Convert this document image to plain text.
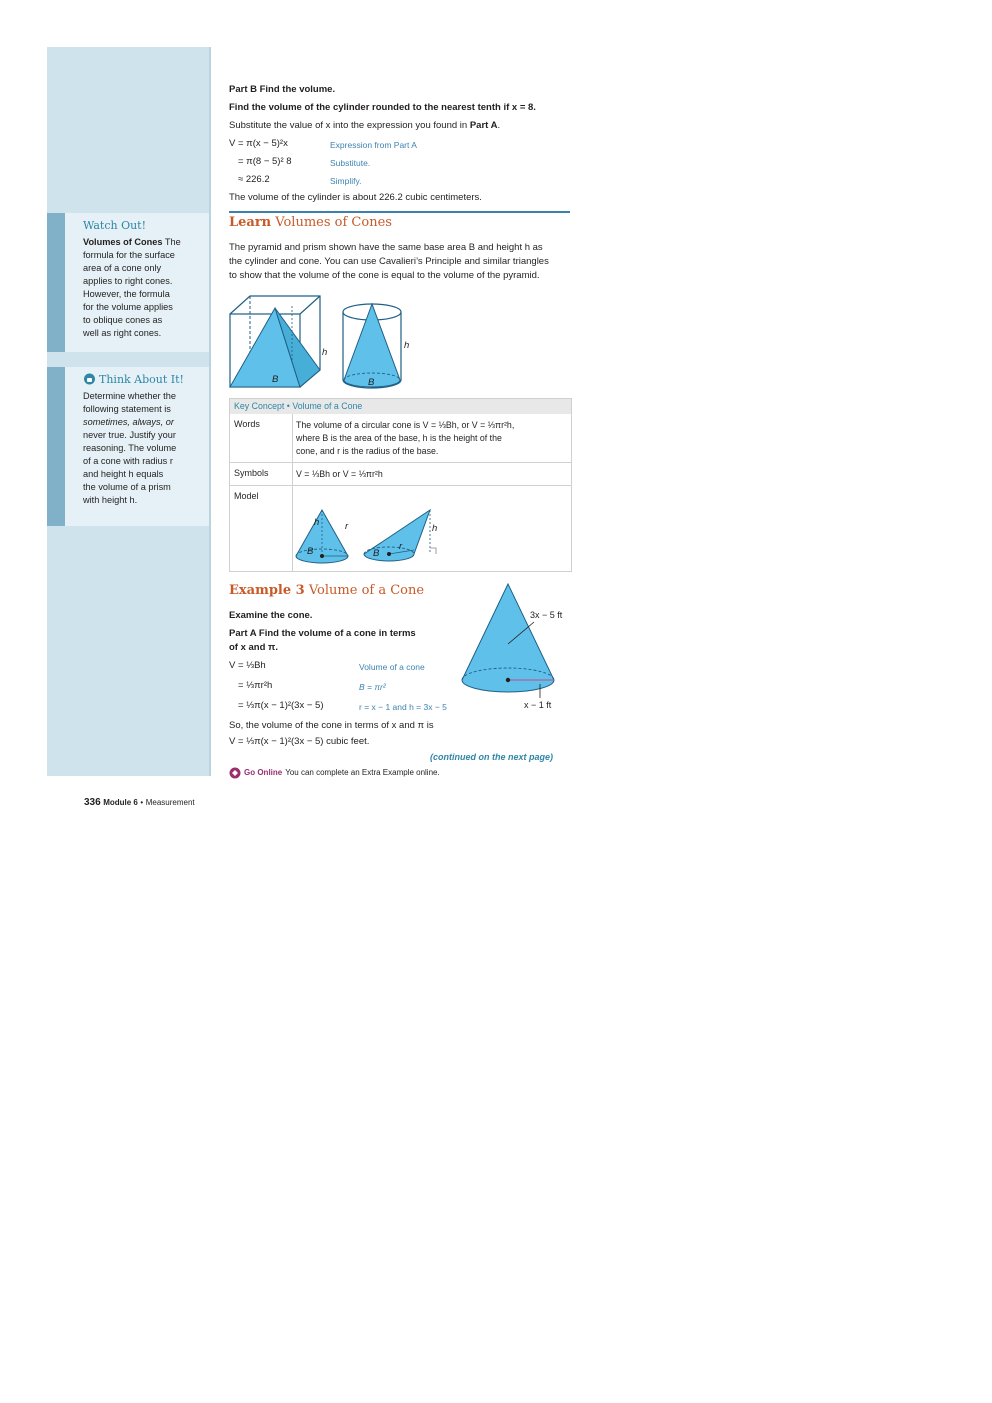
Watch Out!
Volumes of Cones The
formula for the surface
area of a cone only
applies to right cones.
However, the formula
for the volume applies
to oblique cones as
well as right cones.
Think About It!
Determine whether the
following statement is
sometimes, always, or
never true. Justify your
reasoning. The volume
of a cone with radius r
and height h equals
the volume of a prism
with height h.
Part B Find the volume.
Find the volume of the cylinder rounded to the nearest tenth if x = 8.
Substitute the value of x into the expression you found in Part A.
V = π(x − 5)²x	Expression from Part A
= π(8 − 5)² 8	Substitute.
≈ 226.2	Simplify.
The volume of the cylinder is about 226.2 cubic centimeters.
Learn Volumes of Cones
The pyramid and prism shown have the same base area B and height h as
the cylinder and cone. You can use Cavalieri’s Principle and similar triangles
to show that the volume of the cone is equal to the volume of the pyramid.
h
h
B	B
Key Concept • Volume of a Cone
Words	The volume of a circular cone is V = ⅓Bh, or V = ⅓πr²h,
where B is the area of the base, h is the height of the
cone, and r is the radius of the base.
Symbols	V = ⅓Bh or V = ⅓πr²h
Model
h	r
B
h
r
B
Example 3 Volume of a Cone
Examine the cone.
Part A Find the volume of a cone in terms
of x and π.
V = ⅓Bh	Volume of a cone
= ⅓πr²h	B = πr²
= ⅓π(x − 1)²(3x − 5)	r = x − 1 and h = 3x − 5
So, the volume of the cone in terms of x and π is
V = ⅓π(x − 1)²(3x − 5) cubic feet.
(continued on the next page)
3x − 5 ft
x − 1 ft
Go Online You can complete an Extra Example online.
336 Module 6 • Measurement
